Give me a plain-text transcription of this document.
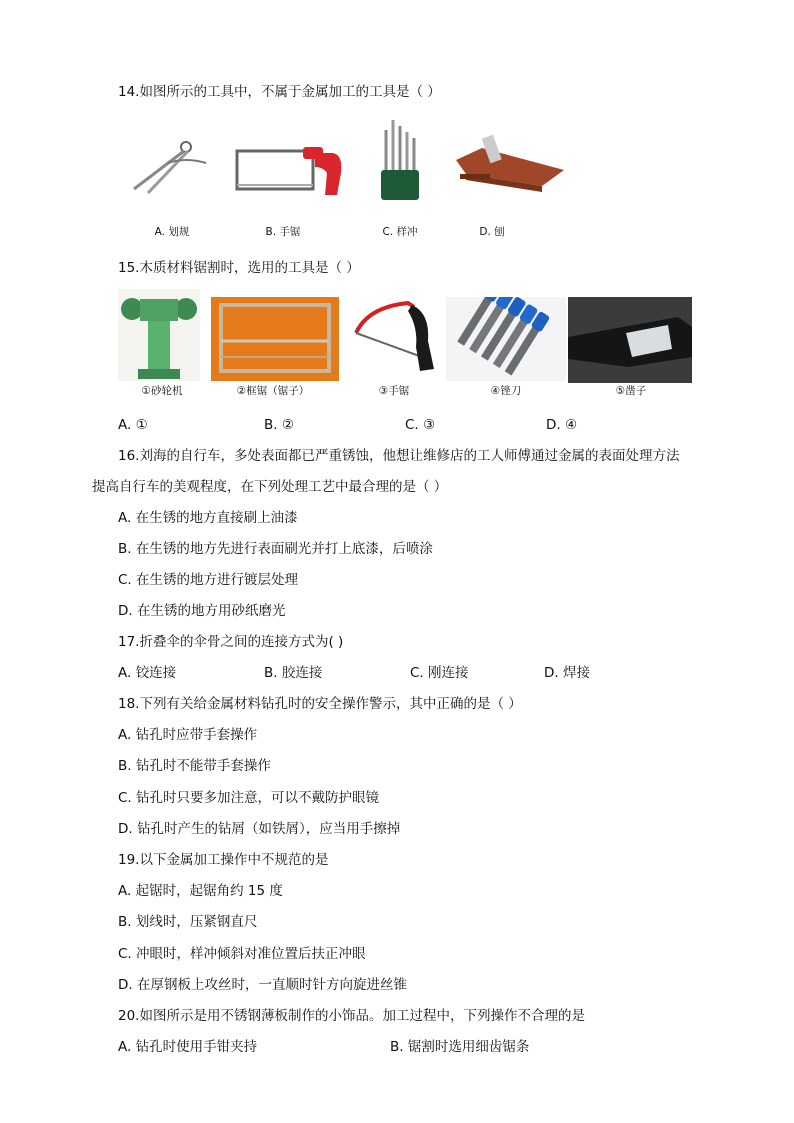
14.如图所示的工具中，不属于金属加工的工具是（ ）
A. 划规	B. 手锯	C. 样冲	D. 刨
15.木质材料锯割时，选用的工具是（ ）
①砂轮机	②框锯（锯子）	③手锯	④锉刀	⑤凿子
A. ①	B. ②	C. ③	D. ④
16.刘海的自行车，多处表面都已严重锈蚀，他想让维修店的工人师傅通过金属的表面处理方法
提高自行车的美观程度，在下列处理工艺中最合理的是（ ）
A. 在生锈的地方直接刷上油漆
B. 在生锈的地方先进行表面刷光并打上底漆，后喷涂
C. 在生锈的地方进行镀层处理
D. 在生锈的地方用砂纸磨光
17.折叠伞的伞骨之间的连接方式为( )
A. 铰连接	B. 胶连接	C. 刚连接	D. 焊接
18.下列有关给金属材料钻孔时的安全操作警示，其中正确的是（ ）
A. 钻孔时应带手套操作
B. 钻孔时不能带手套操作
C. 钻孔时只要多加注意，可以不戴防护眼镜
D. 钻孔时产生的钻屑（如铁屑），应当用手擦掉
19.以下金属加工操作中不规范的是
A. 起锯时，起锯角约 15 度
B. 划线时，压紧钢直尺
C. 冲眼时，样冲倾斜对准位置后扶正冲眼
D. 在厚钢板上攻丝时，一直顺时针方向旋进丝锥
20.如图所示是用不锈钢薄板制作的小饰品。加工过程中，下列操作不合理的是
A. 钻孔时使用手钳夹持	B. 锯割时选用细齿锯条
